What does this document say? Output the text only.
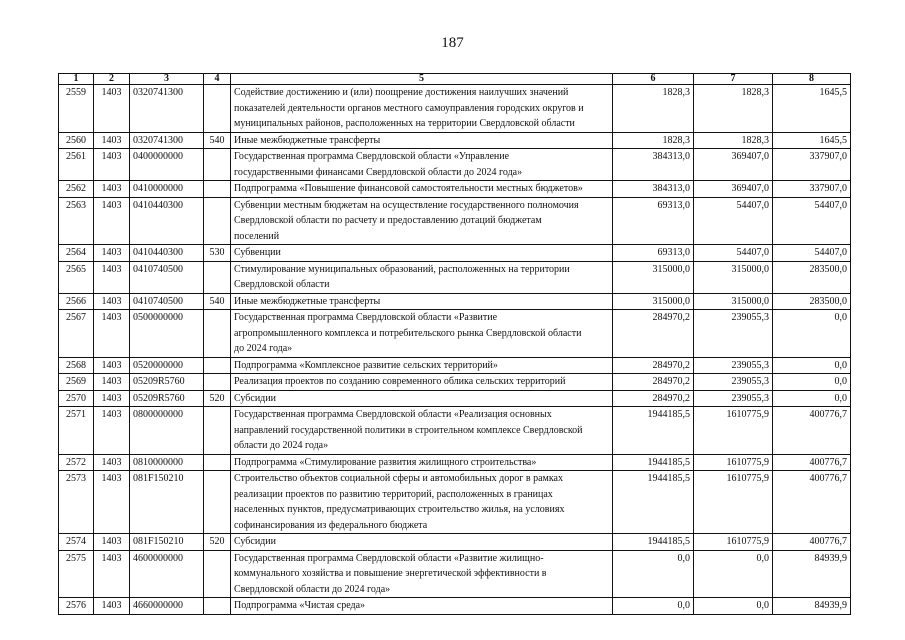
187
1	2	3	4	5	6	7	8
2559	1403	0320741300		Содействие достижению и (или) поощрение достижения наилучших значений
показателей деятельности органов местного самоуправления городских округов и
муниципальных районов, расположенных на территории Свердловской области	1828,3	1828,3	1645,5
2560	1403	0320741300	540	Иные межбюджетные трансферты	1828,3	1828,3	1645,5
2561	1403	0400000000		Государственная программа Свердловской области «Управление
государственными финансами Свердловской области до 2024 года»	384313,0	369407,0	337907,0
2562	1403	0410000000		Подпрограмма «Повышение финансовой самостоятельности местных бюджетов»	384313,0	369407,0	337907,0
2563	1403	0410440300		Субвенции местным бюджетам на осуществление государственного полномочия
Свердловской области по расчету и предоставлению дотаций бюджетам
поселений	69313,0	54407,0	54407,0
2564	1403	0410440300	530	Субвенции	69313,0	54407,0	54407,0
2565	1403	0410740500		Стимулирование муниципальных образований, расположенных на территории
Свердловской области	315000,0	315000,0	283500,0
2566	1403	0410740500	540	Иные межбюджетные трансферты	315000,0	315000,0	283500,0
2567	1403	0500000000		Государственная программа Свердловской области «Развитие
агропромышленного комплекса и потребительского рынка Свердловской области
до 2024 года»	284970,2	239055,3	0,0
2568	1403	0520000000		Подпрограмма «Комплексное развитие сельских территорий»	284970,2	239055,3	0,0
2569	1403	05209R5760		Реализация проектов по созданию современного облика сельских территорий	284970,2	239055,3	0,0
2570	1403	05209R5760	520	Субсидии	284970,2	239055,3	0,0
2571	1403	0800000000		Государственная программа Свердловской области «Реализация основных
направлений государственной политики в строительном комплексе Свердловской
области до 2024 года»	1944185,5	1610775,9	400776,7
2572	1403	0810000000		Подпрограмма «Стимулирование развития жилищного строительства»	1944185,5	1610775,9	400776,7
2573	1403	081F150210		Строительство объектов социальной сферы и автомобильных дорог в рамках
реализации проектов по развитию территорий, расположенных в границах
населенных пунктов, предусматривающих строительство жилья, на условиях
софинансирования из федерального бюджета	1944185,5	1610775,9	400776,7
2574	1403	081F150210	520	Субсидии	1944185,5	1610775,9	400776,7
2575	1403	4600000000		Государственная программа Свердловской области «Развитие жилищно-
коммунального хозяйства и повышение энергетической эффективности в
Свердловской области до 2024 года»	0,0	0,0	84939,9
2576	1403	4660000000		Подпрограмма «Чистая среда»	0,0	0,0	84939,9
